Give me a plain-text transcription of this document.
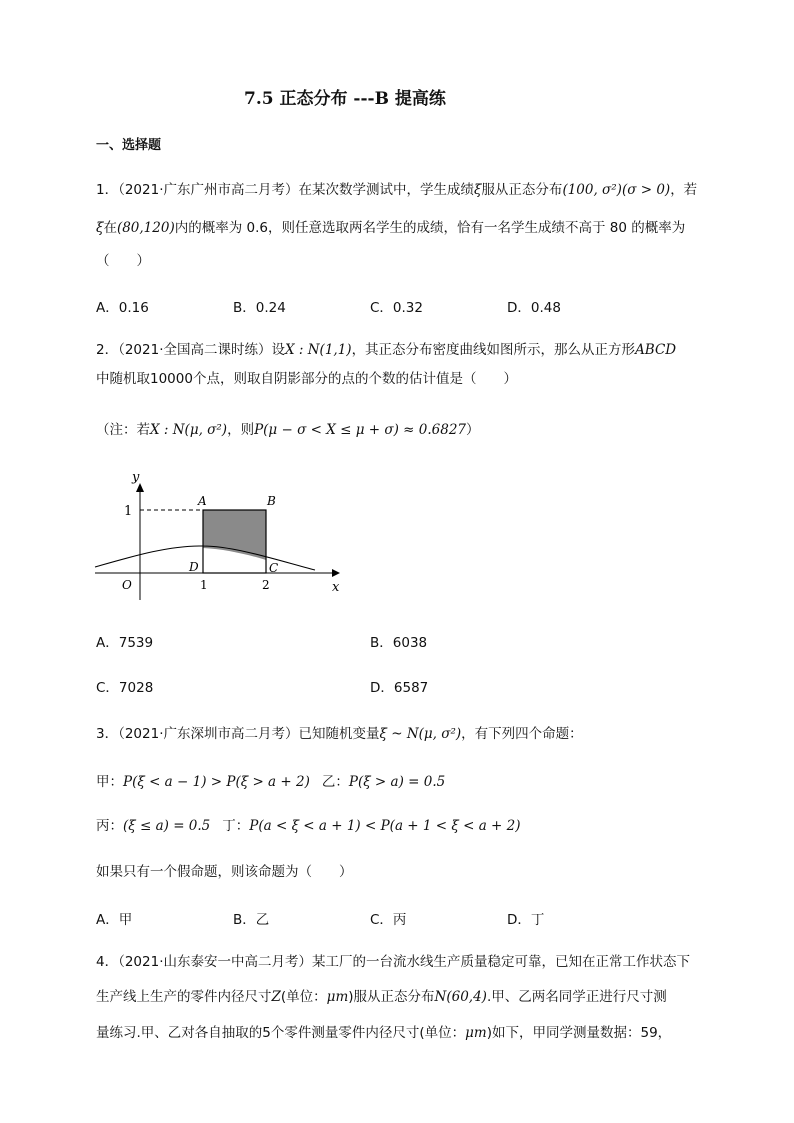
7.5 正态分布 ---B 提高练
一、选择题
1．（2021·广东广州市高二月考）在某次数学测试中，学生成绩ξ服从正态分布(100, σ²)(σ > 0)，若
ξ在(80,120)内的概率为 0.6，则任意选取两名学生的成绩，恰有一名学生成绩不高于 80 的概率为
（　　）
A．0.16	B．0.24	C．0.32	D．0.48
2．（2021·全国高二课时练）设X : N(1,1)，其正态分布密度曲线如图所示，那么从正方形ABCD
中随机取10000个点，则取自阴影部分的点的个数的估计值是（　　）
（注：若X : N(μ, σ²)，则P(μ − σ < X ≤ μ + σ) ≈ 0.6827）
y
x
O
1
1	2
A	B
C
D
A．7539	B．6038
C．7028	D．6587
3．（2021·广东深圳市高二月考）已知随机变量ξ ~ N(μ, σ²)，有下列四个命题：
甲：P(ξ < a − 1) > P(ξ > a + 2) 乙：P(ξ > a) = 0.5
丙：(ξ ≤ a) = 0.5 丁：P(a < ξ < a + 1) < P(a + 1 < ξ < a + 2)
如果只有一个假命题，则该命题为（　　）
A．甲	B．乙	C．丙	D．丁
4．（2021·山东泰安一中高二月考）某工厂的一台流水线生产质量稳定可靠，已知在正常工作状态下
生产线上生产的零件内径尺寸Z(单位：μm)服从正态分布N(60,4).甲、乙两名同学正进行尺寸测
量练习.甲、乙对各自抽取的5个零件测量零件内径尺寸(单位：μm)如下，甲同学测量数据：59，
